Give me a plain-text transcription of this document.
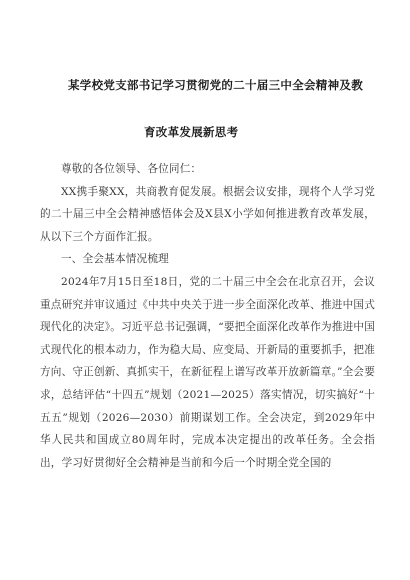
某学校党支部书记学习贯彻党的二十届三中全会精神及教
育改革发展新思考

尊敬的各位领导、各位同仁：

XX携手聚XX，共商教育促发展。根据会议安排，现将个人学习党的二十届三中全会精神感悟体会及X县X小学如何推进教育改革发展，从以下三个方面作汇报。

一、全会基本情况梳理

2024年7月15日至18日，党的二十届三中全会在北京召开，会议重点研究并审议通过《中共中央关于进一步全面深化改革、推进中国式现代化的决定》。习近平总书记强调，“要把全面深化改革作为推进中国式现代化的根本动力，作为稳大局、应变局、开新局的重要抓手，把准方向、守正创新、真抓实干，在新征程上谱写改革开放新篇章。”全会要求，总结评估“十四五”规划（2021—2025）落实情况，切实搞好“十五五”规划（2026—2030）前期谋划工作。全会决定，到2029年中华人民共和国成立80周年时，完成本决定提出的改革任务。全会指出，学习好贯彻好全会精神是当前和今后一个时期全党全国的
